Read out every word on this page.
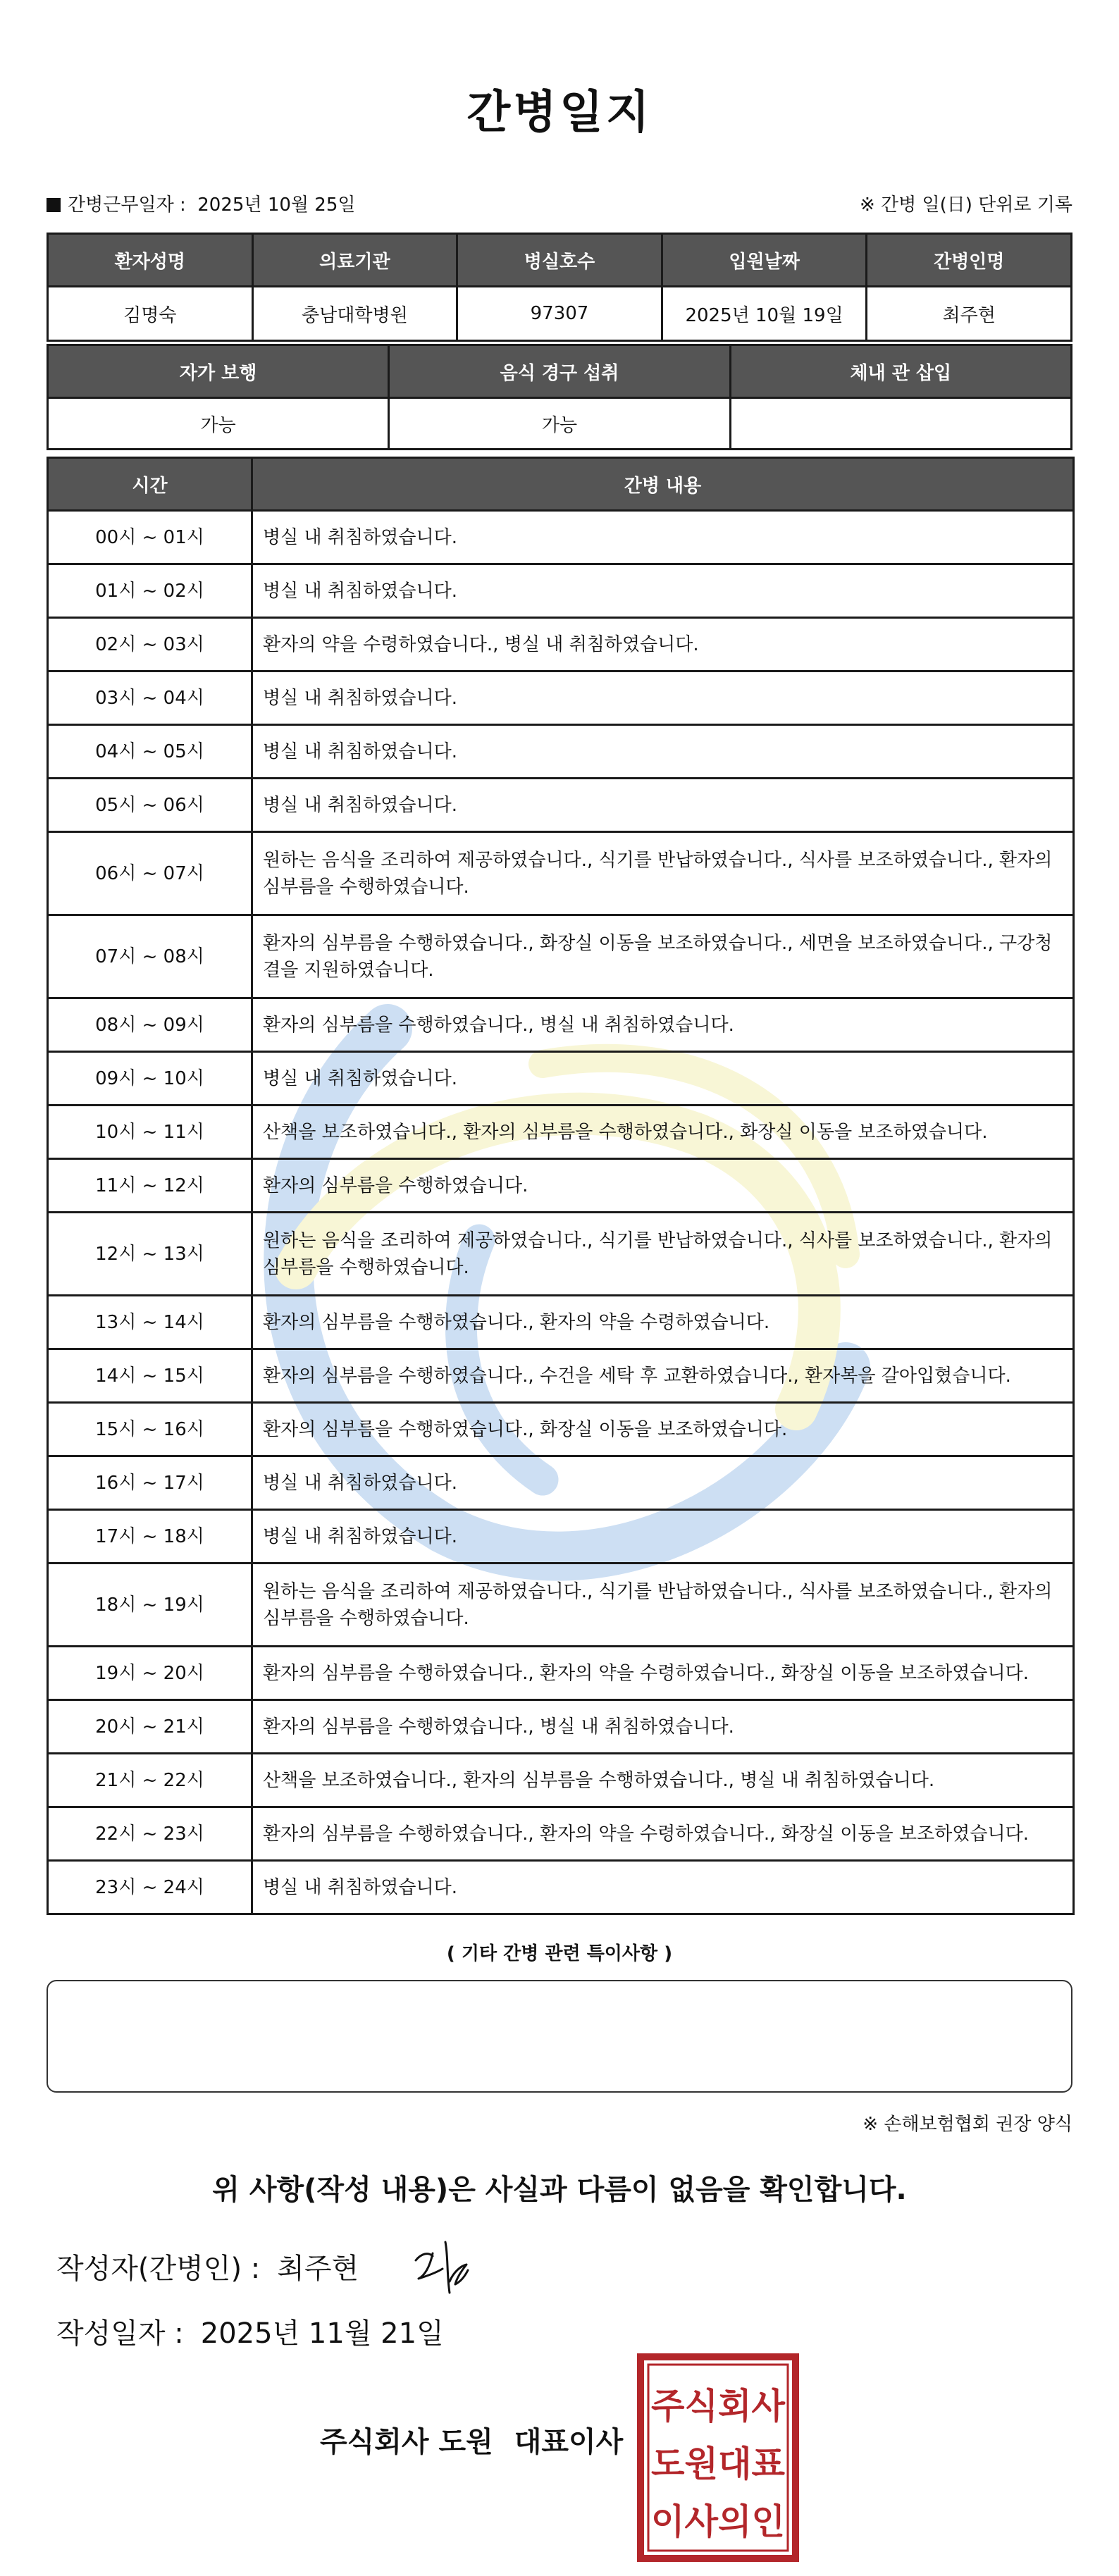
간병일지
간병근무일자 : 2025년 10월 25일	※ 간병 일(日) 단위로 기록
환자성명	의료기관	병실호수	입원날짜	간병인명
김명숙	충남대학병원	97307	2025년 10월 19일	최주현
자가 보행	음식 경구 섭취	체내 관 삽입
가능	가능	
시간	간병 내용
00시 ~ 01시	병실 내 취침하였습니다.
01시 ~ 02시	병실 내 취침하였습니다.
02시 ~ 03시	환자의 약을 수령하였습니다., 병실 내 취침하였습니다.
03시 ~ 04시	병실 내 취침하였습니다.
04시 ~ 05시	병실 내 취침하였습니다.
05시 ~ 06시	병실 내 취침하였습니다.
06시 ~ 07시	원하는 음식을 조리하여 제공하였습니다., 식기를 반납하였습니다., 식사를 보조하였습니다., 환자의 심부름을 수행하였습니다.
07시 ~ 08시	환자의 심부름을 수행하였습니다., 화장실 이동을 보조하였습니다., 세면을 보조하였습니다., 구강청결을 지원하였습니다.
08시 ~ 09시	환자의 심부름을 수행하였습니다., 병실 내 취침하였습니다.
09시 ~ 10시	병실 내 취침하였습니다.
10시 ~ 11시	산책을 보조하였습니다., 환자의 심부름을 수행하였습니다., 화장실 이동을 보조하였습니다.
11시 ~ 12시	환자의 심부름을 수행하였습니다.
12시 ~ 13시	원하는 음식을 조리하여 제공하였습니다., 식기를 반납하였습니다., 식사를 보조하였습니다., 환자의 심부름을 수행하였습니다.
13시 ~ 14시	환자의 심부름을 수행하였습니다., 환자의 약을 수령하였습니다.
14시 ~ 15시	환자의 심부름을 수행하였습니다., 수건을 세탁 후 교환하였습니다., 환자복을 갈아입혔습니다.
15시 ~ 16시	환자의 심부름을 수행하였습니다., 화장실 이동을 보조하였습니다.
16시 ~ 17시	병실 내 취침하였습니다.
17시 ~ 18시	병실 내 취침하였습니다.
18시 ~ 19시	원하는 음식을 조리하여 제공하였습니다., 식기를 반납하였습니다., 식사를 보조하였습니다., 환자의 심부름을 수행하였습니다.
19시 ~ 20시	환자의 심부름을 수행하였습니다., 환자의 약을 수령하였습니다., 화장실 이동을 보조하였습니다.
20시 ~ 21시	환자의 심부름을 수행하였습니다., 병실 내 취침하였습니다.
21시 ~ 22시	산책을 보조하였습니다., 환자의 심부름을 수행하였습니다., 병실 내 취침하였습니다.
22시 ~ 23시	환자의 심부름을 수행하였습니다., 환자의 약을 수령하였습니다., 화장실 이동을 보조하였습니다.
23시 ~ 24시	병실 내 취침하였습니다.
( 기타 간병 관련 특이사항 )
※ 손해보험협회 권장 양식
위 사항(작성 내용)은 사실과 다름이 없음을 확인합니다.
작성자(간병인) : 최주현
작성일자 : 2025년 11월 21일
주식회사 도원 대표이사
주식회사
도원대표
이사의인
